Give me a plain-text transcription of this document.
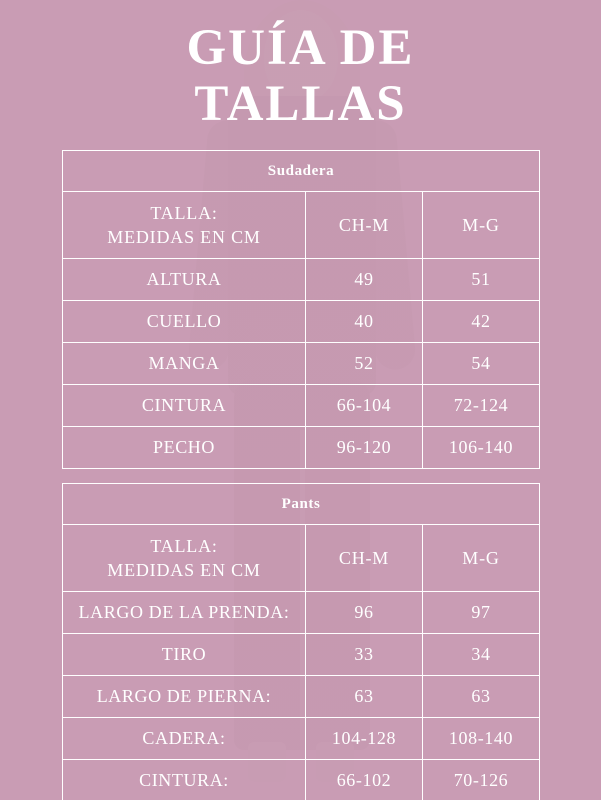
GUÍA DE
TALLAS
Sudadera		

TALLA:
MEDIDAS EN CM	CH-M	M-G
ALTURA	49	51
CUELLO	40	42
MANGA	52	54
CINTURA	66-104	72-124
PECHO	96-120	106-140
Pants		

TALLA:
MEDIDAS EN CM	CH-M	M-G
LARGO DE LA PRENDA:	96	97
TIRO	33	34
LARGO DE PIERNA:	63	63
CADERA:	104-128	108-140
CINTURA:	66-102	70-126
